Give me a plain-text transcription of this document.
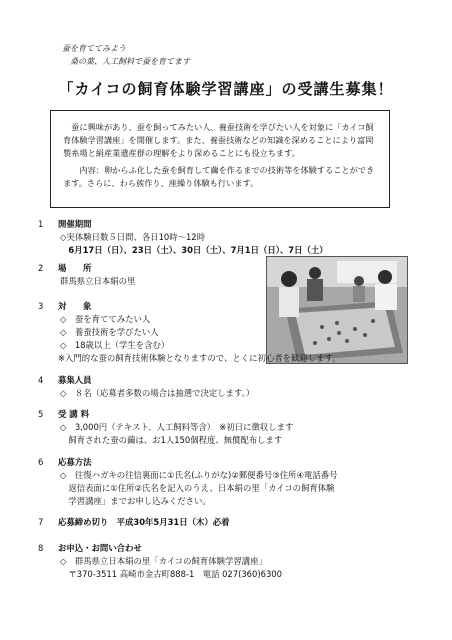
蚕を育ててみよう
桑の葉、人工飼料で蚕を育てます
「カイコの飼育体験学習講座」の受講生募集！
蚕に興味があり、蚕を飼ってみたい人、養蚕技術を学びたい人を対象に「カイコ飼育体験学習講座」を開催します。また、養蚕技術などの知識を深めることにより富岡製糸場と絹産業遺産群の理解をより深めることにも役立ちます。
内容：卵からふ化した蚕を飼育して繭を作るまでの技術等を体験することができます。さらに、わら蔟作り、座繰り体験も行います。
1	開催期間
◇実体験日数５日間、各日10時～12時
　6月17日（日）、23日（土）、30日（土）、7月1日（日）、7日（土）
2	場　　所
群馬県立日本絹の里
3	対　　象
◇　蚕を育ててみたい人
◇　養蚕技術を学びたい人
◇　18歳以上（学生を含む）
※入門的な蚕の飼育技術体験となりますので、とくに初心者を歓迎します。
4	募集人員
◇　８名（応募者多数の場合は抽選で決定します。）
5	受 講 料
◇　3,000円（テキスト、人工飼料等含）　※初日に徴収します
　飼育された蚕の繭は、お1人150個程度、無償配布します
6	応募方法
◇　往復ハガキの往信裏面に①氏名(ふりがな)②郵便番号③住所④電話番号
　返信表面に①住所②氏名を記入のうえ、日本絹の里「カイコの飼育体験
　学習講座」までお申し込みください。
7	応募締め切り　平成30年5月31日（木）必着
8	お申込・お問い合わせ
◇　群馬県立日本絹の里「カイコの飼育体験学習講座」
　〒370-3511 高崎市金古町888-1　電話 027(360)6300
